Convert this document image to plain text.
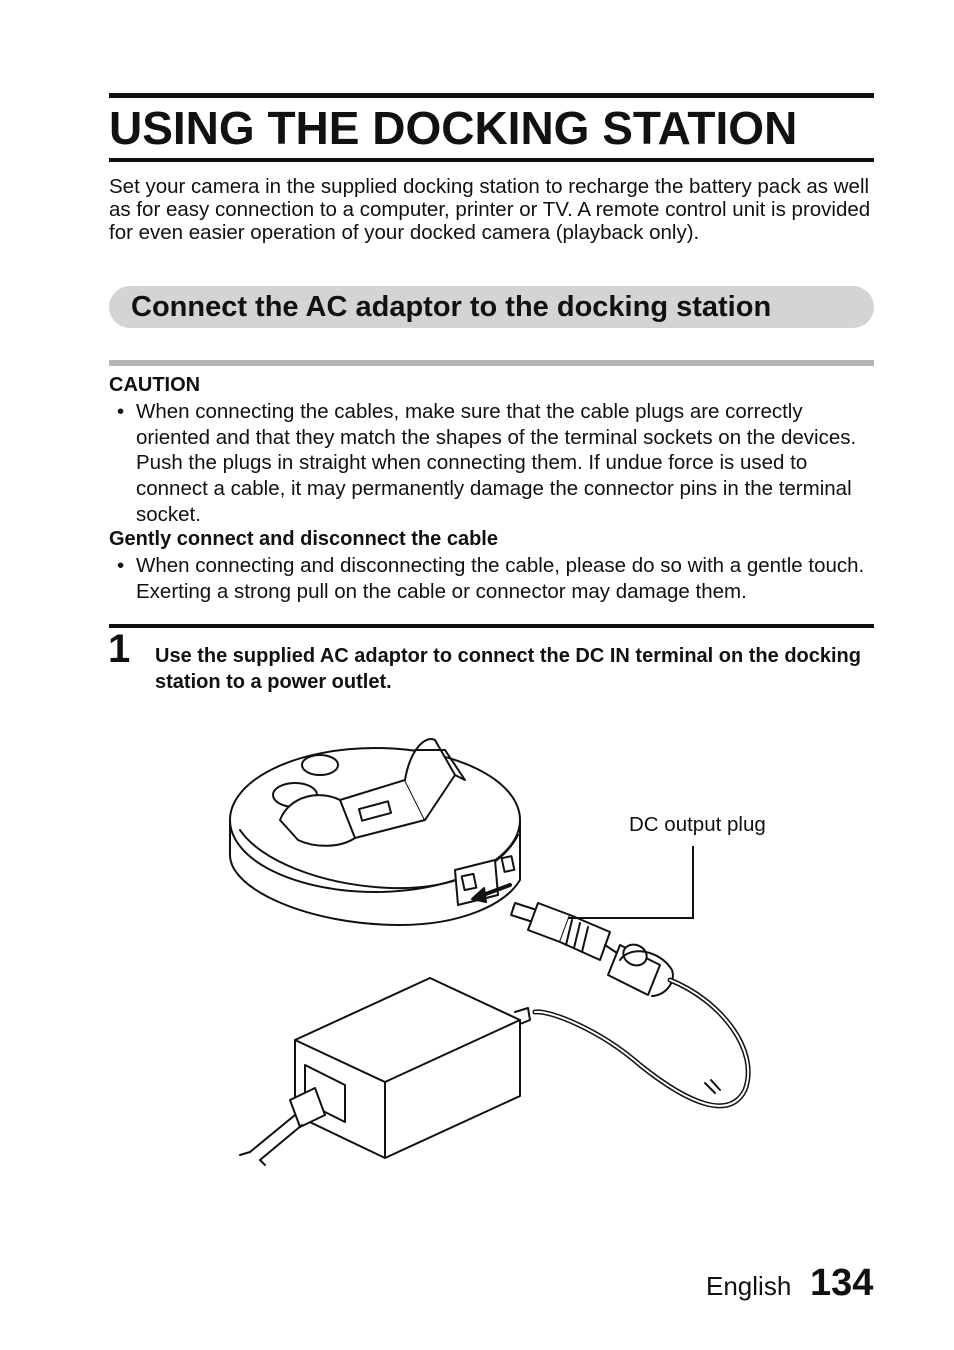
USING THE DOCKING STATION

Set your camera in the supplied docking station to recharge the battery pack as well as for easy connection to a computer, printer or TV. A remote control unit is provided for even easier operation of your docked camera (playback only).

Connect the AC adaptor to the docking station
CAUTION
• When connecting the cables, make sure that the cable plugs are correctly oriented and that they match the shapes of the terminal sockets on the devices. Push the plugs in straight when connecting them. If undue force is used to connect a cable, it may permanently damage the connector pins in the terminal socket.
Gently connect and disconnect the cable
• When connecting and disconnecting the cable, please do so with a gentle touch. Exerting a strong pull on the cable or connector may damage them.
1 Use the supplied AC adaptor to connect the DC IN terminal on the docking station to a power outlet.

DC output plug
English 134
